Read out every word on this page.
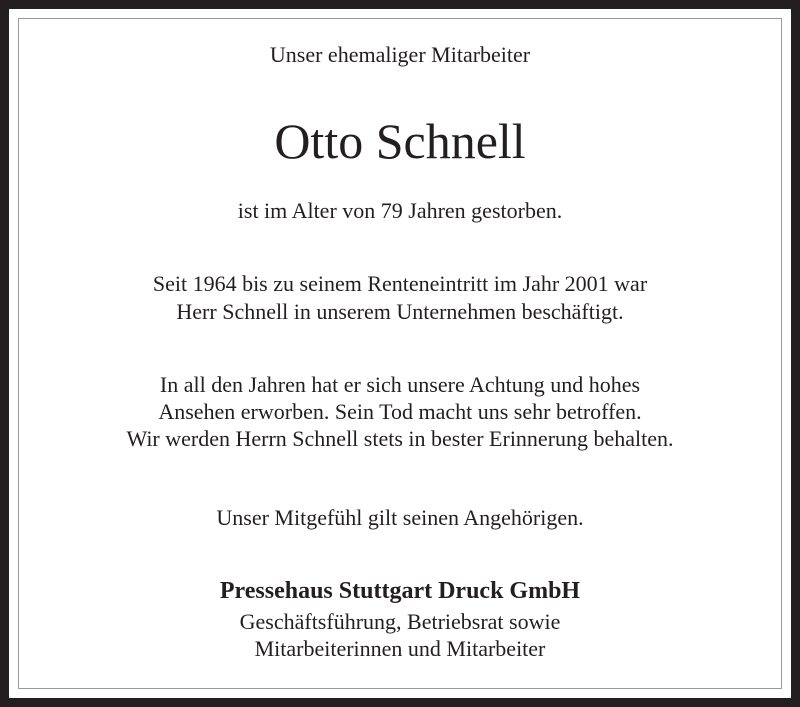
Unser ehemaliger Mitarbeiter
Otto Schnell
ist im Alter von 79 Jahren gestorben.
Seit 1964 bis zu seinem Renteneintritt im Jahr 2001 war
Herr Schnell in unserem Unternehmen beschäftigt.
In all den Jahren hat er sich unsere Achtung und hohes
Ansehen erworben. Sein Tod macht uns sehr betroffen.
Wir werden Herrn Schnell stets in bester Erinnerung behalten.
Unser Mitgefühl gilt seinen Angehörigen.
Pressehaus Stuttgart Druck GmbH
Geschäftsführung, Betriebsrat sowie
Mitarbeiterinnen und Mitarbeiter
